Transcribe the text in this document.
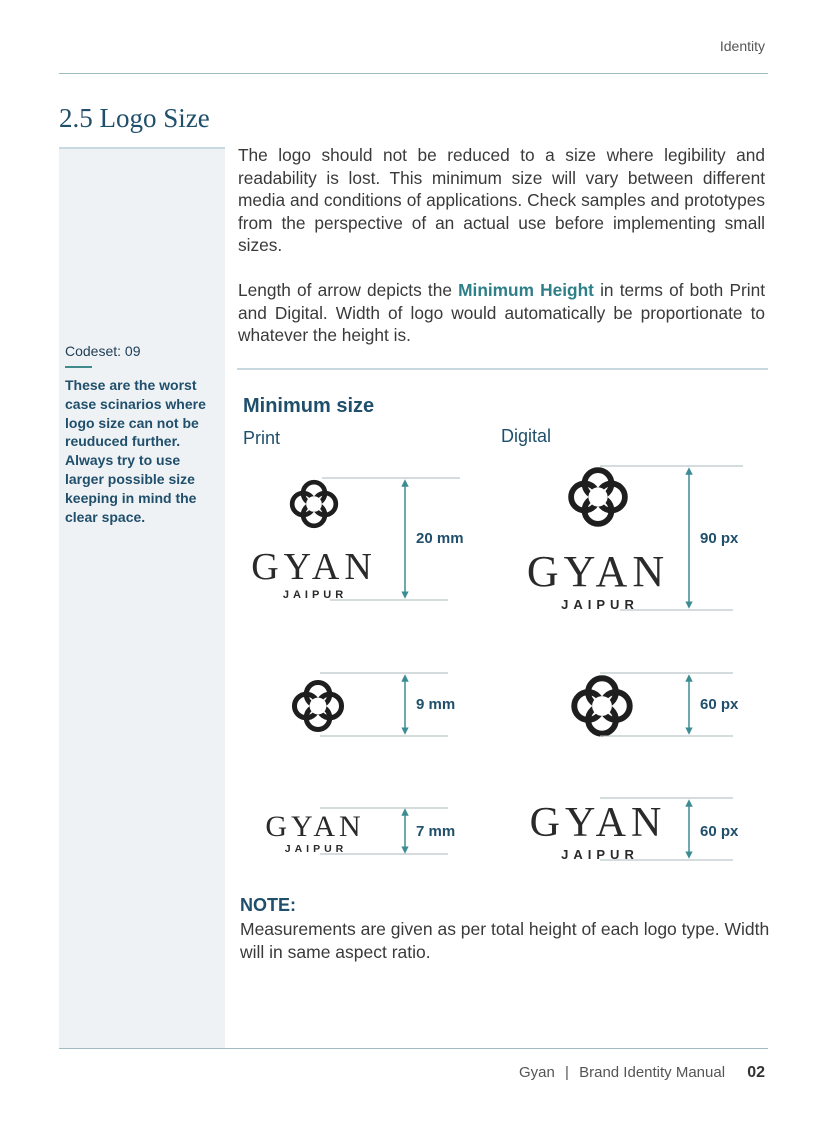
Identity
2.5 Logo Size
Codeset: 09
These are the worst case scinarios where logo size can not be reuduced further. Always try to use larger possible size keeping in mind the clear space.
The logo should not be reduced to a size where legibility and readability is lost. This minimum size will vary between different media and conditions of applications. Check samples and prototypes from the perspective of an actual use before implementing small sizes.
Length of arrow depicts the Minimum Height in terms of both Print and Digital. Width of logo would automatically be proportionate to whatever the height is.
Minimum size
Print	Digital
GYAN
JAIPUR
20 mm
GYAN
JAIPUR
90 px
9 mm	60 px
GYAN
JAIPUR
7 mm GYAN
JAIPUR
60 px
NOTE:
Measurements are given as per total height of each logo type. Width will in same aspect ratio.
Gyan | Brand Identity Manual 02
